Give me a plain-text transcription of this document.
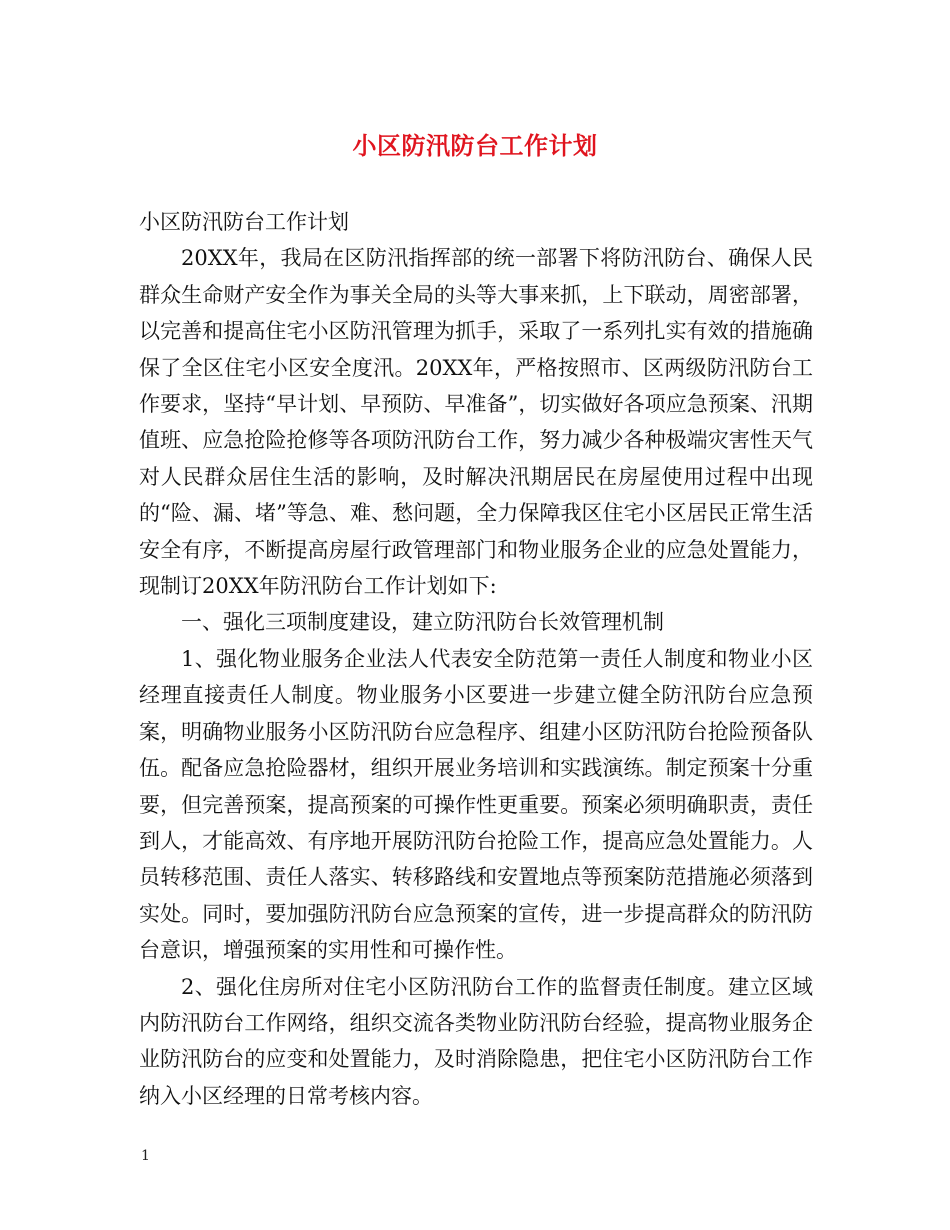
小区防汛防台工作计划

小区防汛防台工作计划

20XX年，我局在区防汛指挥部的统一部署下将防汛防台、确保人民群众生命财产安全作为事关全局的头等大事来抓，上下联动，周密部署，以完善和提高住宅小区防汛管理为抓手，采取了一系列扎实有效的措施确保了全区住宅小区安全度汛。20XX年，严格按照市、区两级防汛防台工作要求，坚持“早计划、早预防、早准备”，切实做好各项应急预案、汛期值班、应急抢险抢修等各项防汛防台工作，努力减少各种极端灾害性天气对人民群众居住生活的影响，及时解决汛期居民在房屋使用过程中出现的“险、漏、堵”等急、难、愁问题，全力保障我区住宅小区居民正常生活安全有序，不断提高房屋行政管理部门和物业服务企业的应急处置能力，现制订20XX年防汛防台工作计划如下:

一、强化三项制度建设，建立防汛防台长效管理机制

1、强化物业服务企业法人代表安全防范第一责任人制度和物业小区经理直接责任人制度。物业服务小区要进一步建立健全防汛防台应急预案，明确物业服务小区防汛防台应急程序、组建小区防汛防台抢险预备队伍。配备应急抢险器材，组织开展业务培训和实践演练。制定预案十分重要，但完善预案，提高预案的可操作性更重要。预案必须明确职责，责任到人，才能高效、有序地开展防汛防台抢险工作，提高应急处置能力。人员转移范围、责任人落实、转移路线和安置地点等预案防范措施必须落到实处。同时，要加强防汛防台应急预案的宣传，进一步提高群众的防汛防台意识，增强预案的实用性和可操作性。

2、强化住房所对住宅小区防汛防台工作的监督责任制度。建立区域内防汛防台工作网络，组织交流各类物业防汛防台经验，提高物业服务企业防汛防台的应变和处置能力，及时消除隐患，把住宅小区防汛防台工作纳入小区经理的日常考核内容。

1
